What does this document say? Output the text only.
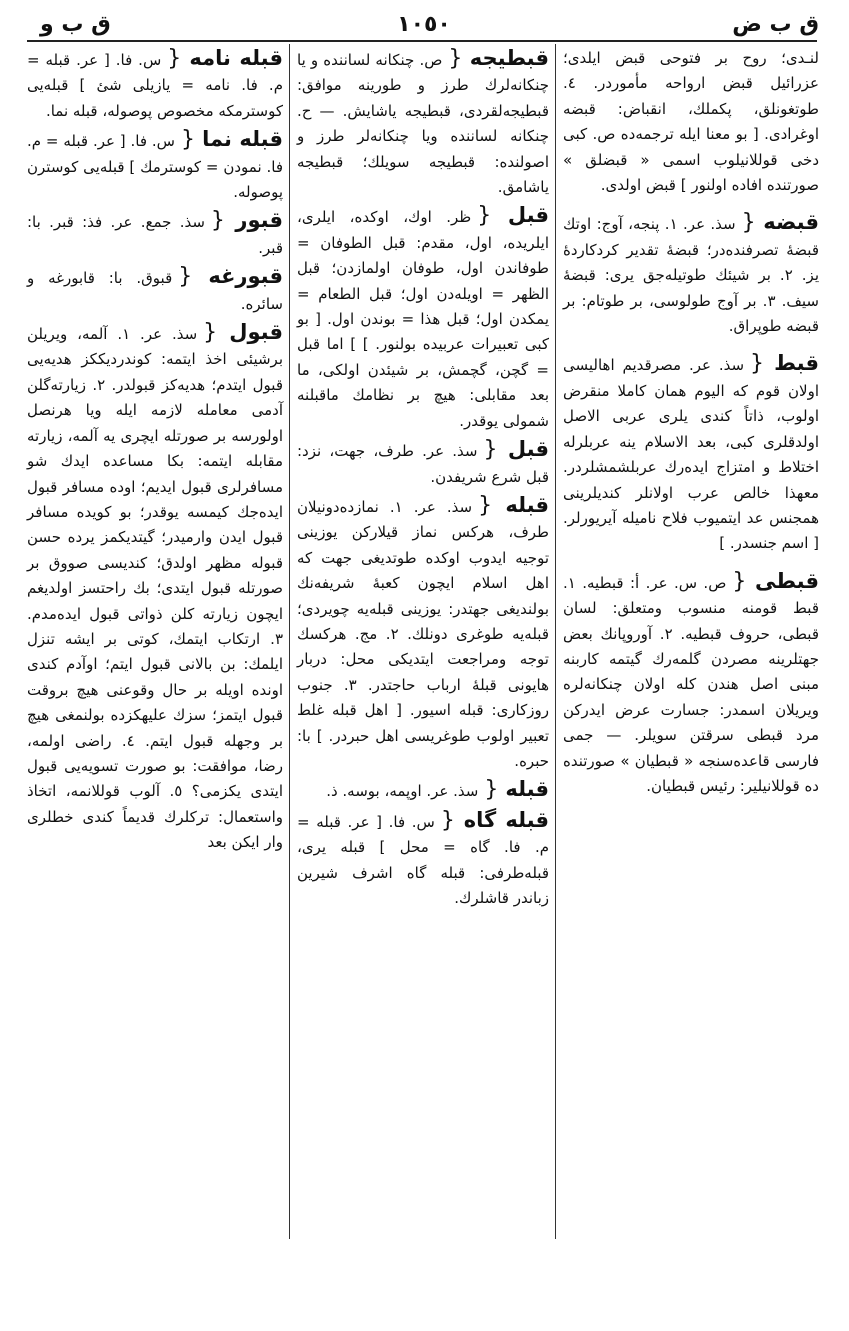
ق ب ض
١٠٥٠
ق ب و

لنـدى؛ روح بر فتوحى قبض ايلدى؛ عزرائيل قبض ارواحه مأموردر. ٤. طوتغونلق، پكملك، انقباض: قبضه اوغرادى. [ بو معنا ايله ترجمه‌ده ص. كبى دخى قوللانيلوب اسمى « قبضلق » صورتنده افاده اولنور ] قبض اولدى.

قبضه {سذ. عر. ١. پنجه، آوج: اوتك قبضهٔ تصرفنده‌در؛ قبضهٔ تقدير كردكاردهٔ يز. ٢. بر شيئك طوتيله‌جق يرى: قبضهٔ سيف. ٣. بر آوج طولوسى، بر طوتام: بر قبضه طوپراق.

قبط {سذ. عر. مصرقديم اهاليسى اولان قوم كه اليوم همان كاملا منقرض اولوب، ذاتاً كندى يلرى عربى الاصل اولدقلرى كبى، بعد الاسلام ينه عربلرله اختلاط و امتزاج ايده‌رك عربلشمشلردر. معهذا خالص عرب اولانلر كنديلرينى همجنس عد ايتميوب فلاح ناميله آيريورلر. [ اسم جنسدر. ]

قبطى {ص. س. عر. أ: قبطيه. ١. قبط قومنه منسوب ومتعلق: لسان قبطى، حروف قبطيه. ٢. آوروپانك بعض جهتلرينه مصردن گلمه‌رك گيتمه كاربنه مبنى اصل هندن كله اولان چنكانه‌لره ويريلان اسمدر: جسارت عرض ايدركن مرد قبطى سرقتن سويلر. — جمى فارسى قاعده‌سنجه « قبطيان » صورتنده ده قوللانيلير: رئيس قبطيان.

قبطيجه {ص. چنكانه لساننده و يا چنكانه‌لرك طرز و طورينه موافق: قبطيجه‌لقردى، قبطيجه ياشايش. — ح. چنكانه لساننده ويا چنكانه‌لر طرز و اصولنده: قبطيجه سويلك؛ قبطيجه ياشامق.

قبل {ظر. اوك، اوكده، ايلرى، ايلريده، اول، مقدم: قبل الطوفان = طوفاندن اول، طوفان اولمازدن؛ قبل الظهر = اويله‌دن اول؛ قبل الطعام = يمكدن اول؛ قبل هذا = بوندن اول. [ بو كبى تعبيرات عربيده بولنور. ] ] اما قبل = گچن، گچمش، بر شيئدن اولكى، ما بعد مقابلى: هيچ بر نظامك ماقبلنه شمولى يوقدر.

قبل {سذ. عر. طرف، جهت، نزد: قبل شرع شريفدن.

قبله {سذ. عر. ١. نمازده‌دونيلان طرف، هركس نماز قيلاركن يوزينى توجيه ايدوب اوكده طوتديغى جهت كه اهل اسلام ايچون كعبهٔ شريفه‌نك بولنديغى جهتدر: يوزينى قبله‌يه چويردى؛ قبله‌يه طوغرى دونلك. ٢. مج. هركسك توجه ومراجعت ايتديكى محل: دربار هايونى قبلهٔ ارباب حاجتدر. ٣. جنوب روزكارى: قبله اسيور. [ اهل قبله غلط تعبير اولوب طوغريسى اهل حبردر. ] با: حبره.

قبله {سذ. عر. اوپمه، بوسه. ذ.

قبله گاه {س. فا. [ عر. قبله = م. فا. گاه = محل ] قبله يرى، قبله‌طرفى: قبله گاه اشرف شيرين زباندر قاشلرك.

قبله نامه {س. فا. [ عر. قبله = م. فا. نامه = يازيلى شئ ] قبله‌يى كوسترمكه مخصوص پوصوله، قبله نما.

قبله نما {س. فا. [ عر. قبله = م. فا. نمودن = كوسترمك ] قبله‌يى كوسترن پوصوله.

قبور {سذ. جمع. عر. فذ: قبر. با: قبر.

قبورغه {قبوق. با: قابورغه و سائره.

قبول {سذ. عر. ١. آلمه، ويريلن برشيئى اخذ ايتمه: كوندرديككز هديه‌يى قبول ايتدم؛ هديه‌كز قبولدر. ٢. زيارته‌گلن آدمى معامله لازمه ايله ويا هرنصل اولورسه بر صورتله ايچرى يه آلمه، زيارته مقابله ايتمه: بكا مساعده ايدك شو مسافرلرى قبول ايديم؛ اوده مسافر قبول ايده‌جك كيمسه يوقدر؛ بو كويده مسافر قبول ايدن وارميدر؛ گيتديكمز يرده حسن قبوله مظهر اولدق؛ كنديسى صووق بر صورتله قبول ايتدى؛ بك راحتسز اولديغم ايچون زيارته كلن ذواتى قبول ايده‌مدم. ٣. ارتكاب ايتمك، كوتى بر ايشه تنزل ايلمك: بن بالانى قبول ايتم؛ اوآدم كندى اونده اويله بر حال وقوعنى هيچ بروقت قبول ايتمز؛ سزك عليهكزده بولنمغى هيچ بر وجهله قبول ايتم. ٤. راضى اولمه، رضا، موافقت: بو صورت تسويه‌يى قبول ايتدى يكزمى؟ ٥. آلوب قوللانمه، اتخاذ واستعمال: تركلرك قديماً كندى خطلرى وار ايكن بعد
